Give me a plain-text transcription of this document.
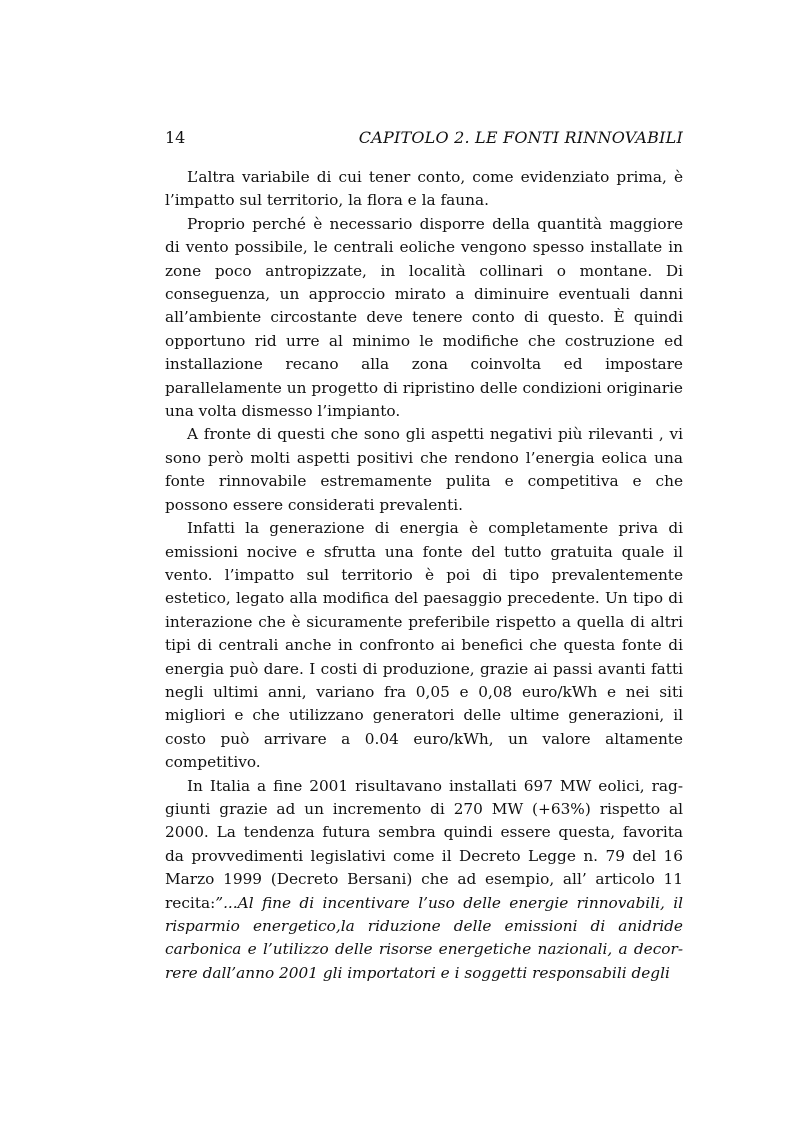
14	CAPITOLO 2. LE FONTI RINNOVABILI

L’altra variabile di cui tener conto, come evidenziato prima, è l’impatto sul territorio, la flora e la fauna.

Proprio perché è necessario disporre della quantità maggiore di vento possibile, le centrali eoliche vengono spesso installate in zone poco antropizzate, in località collinari o montane. Di conseguenza, un approccio mirato a diminuire eventuali danni all’ambiente circostante deve tenere conto di questo. È quindi opportuno rid urre al minimo le modifiche che costruzione ed installazione recano alla zona coinvolta ed impostare parallelamente un progetto di ripristino delle condizioni originarie una volta dismesso l’impianto.

A fronte di questi che sono gli aspetti negativi più rilevanti , vi sono però molti aspetti positivi che rendono l’energia eolica una fonte rinnovabile estremamente pulita e competitiva e che possono essere considerati prevalenti.

Infatti la generazione di energia è completamente priva di emissioni nocive e sfrutta una fonte del tutto gratuita quale il vento. l’impatto sul territorio è poi di tipo prevalentemente estetico, legato alla modifica del paesaggio precedente. Un tipo di interazione che è sicuramente preferibile rispetto a quella di altri tipi di centrali anche in confronto ai benefici che questa fonte di energia può dare. I costi di produzione, grazie ai passi avanti fatti negli ultimi anni, variano fra 0,05 e 0,08 euro/kWh e nei siti migliori e che utilizzano generatori delle ultime generazioni, il costo può arrivare a 0.04 euro/kWh, un valore altamente competitivo.

In Italia a fine 2001 risultavano installati 697 MW eolici, raggiunti grazie ad un incremento di 270 MW (+63%) rispetto al 2000. La tendenza futura sembra quindi essere questa, favorita da provvedimenti legislativi come il Decreto Legge n. 79 del 16 Marzo 1999 (Decreto Bersani) che ad esempio, all’ articolo 11 recita:”...Al fine di incentivare l’uso delle energie rinnovabili, il risparmio energetico,la riduzione delle emissioni di anidride carbonica e l’utilizzo delle risorse energetiche nazionali, a decorrere dall’anno 2001 gli importatori e i soggetti responsabili degli
